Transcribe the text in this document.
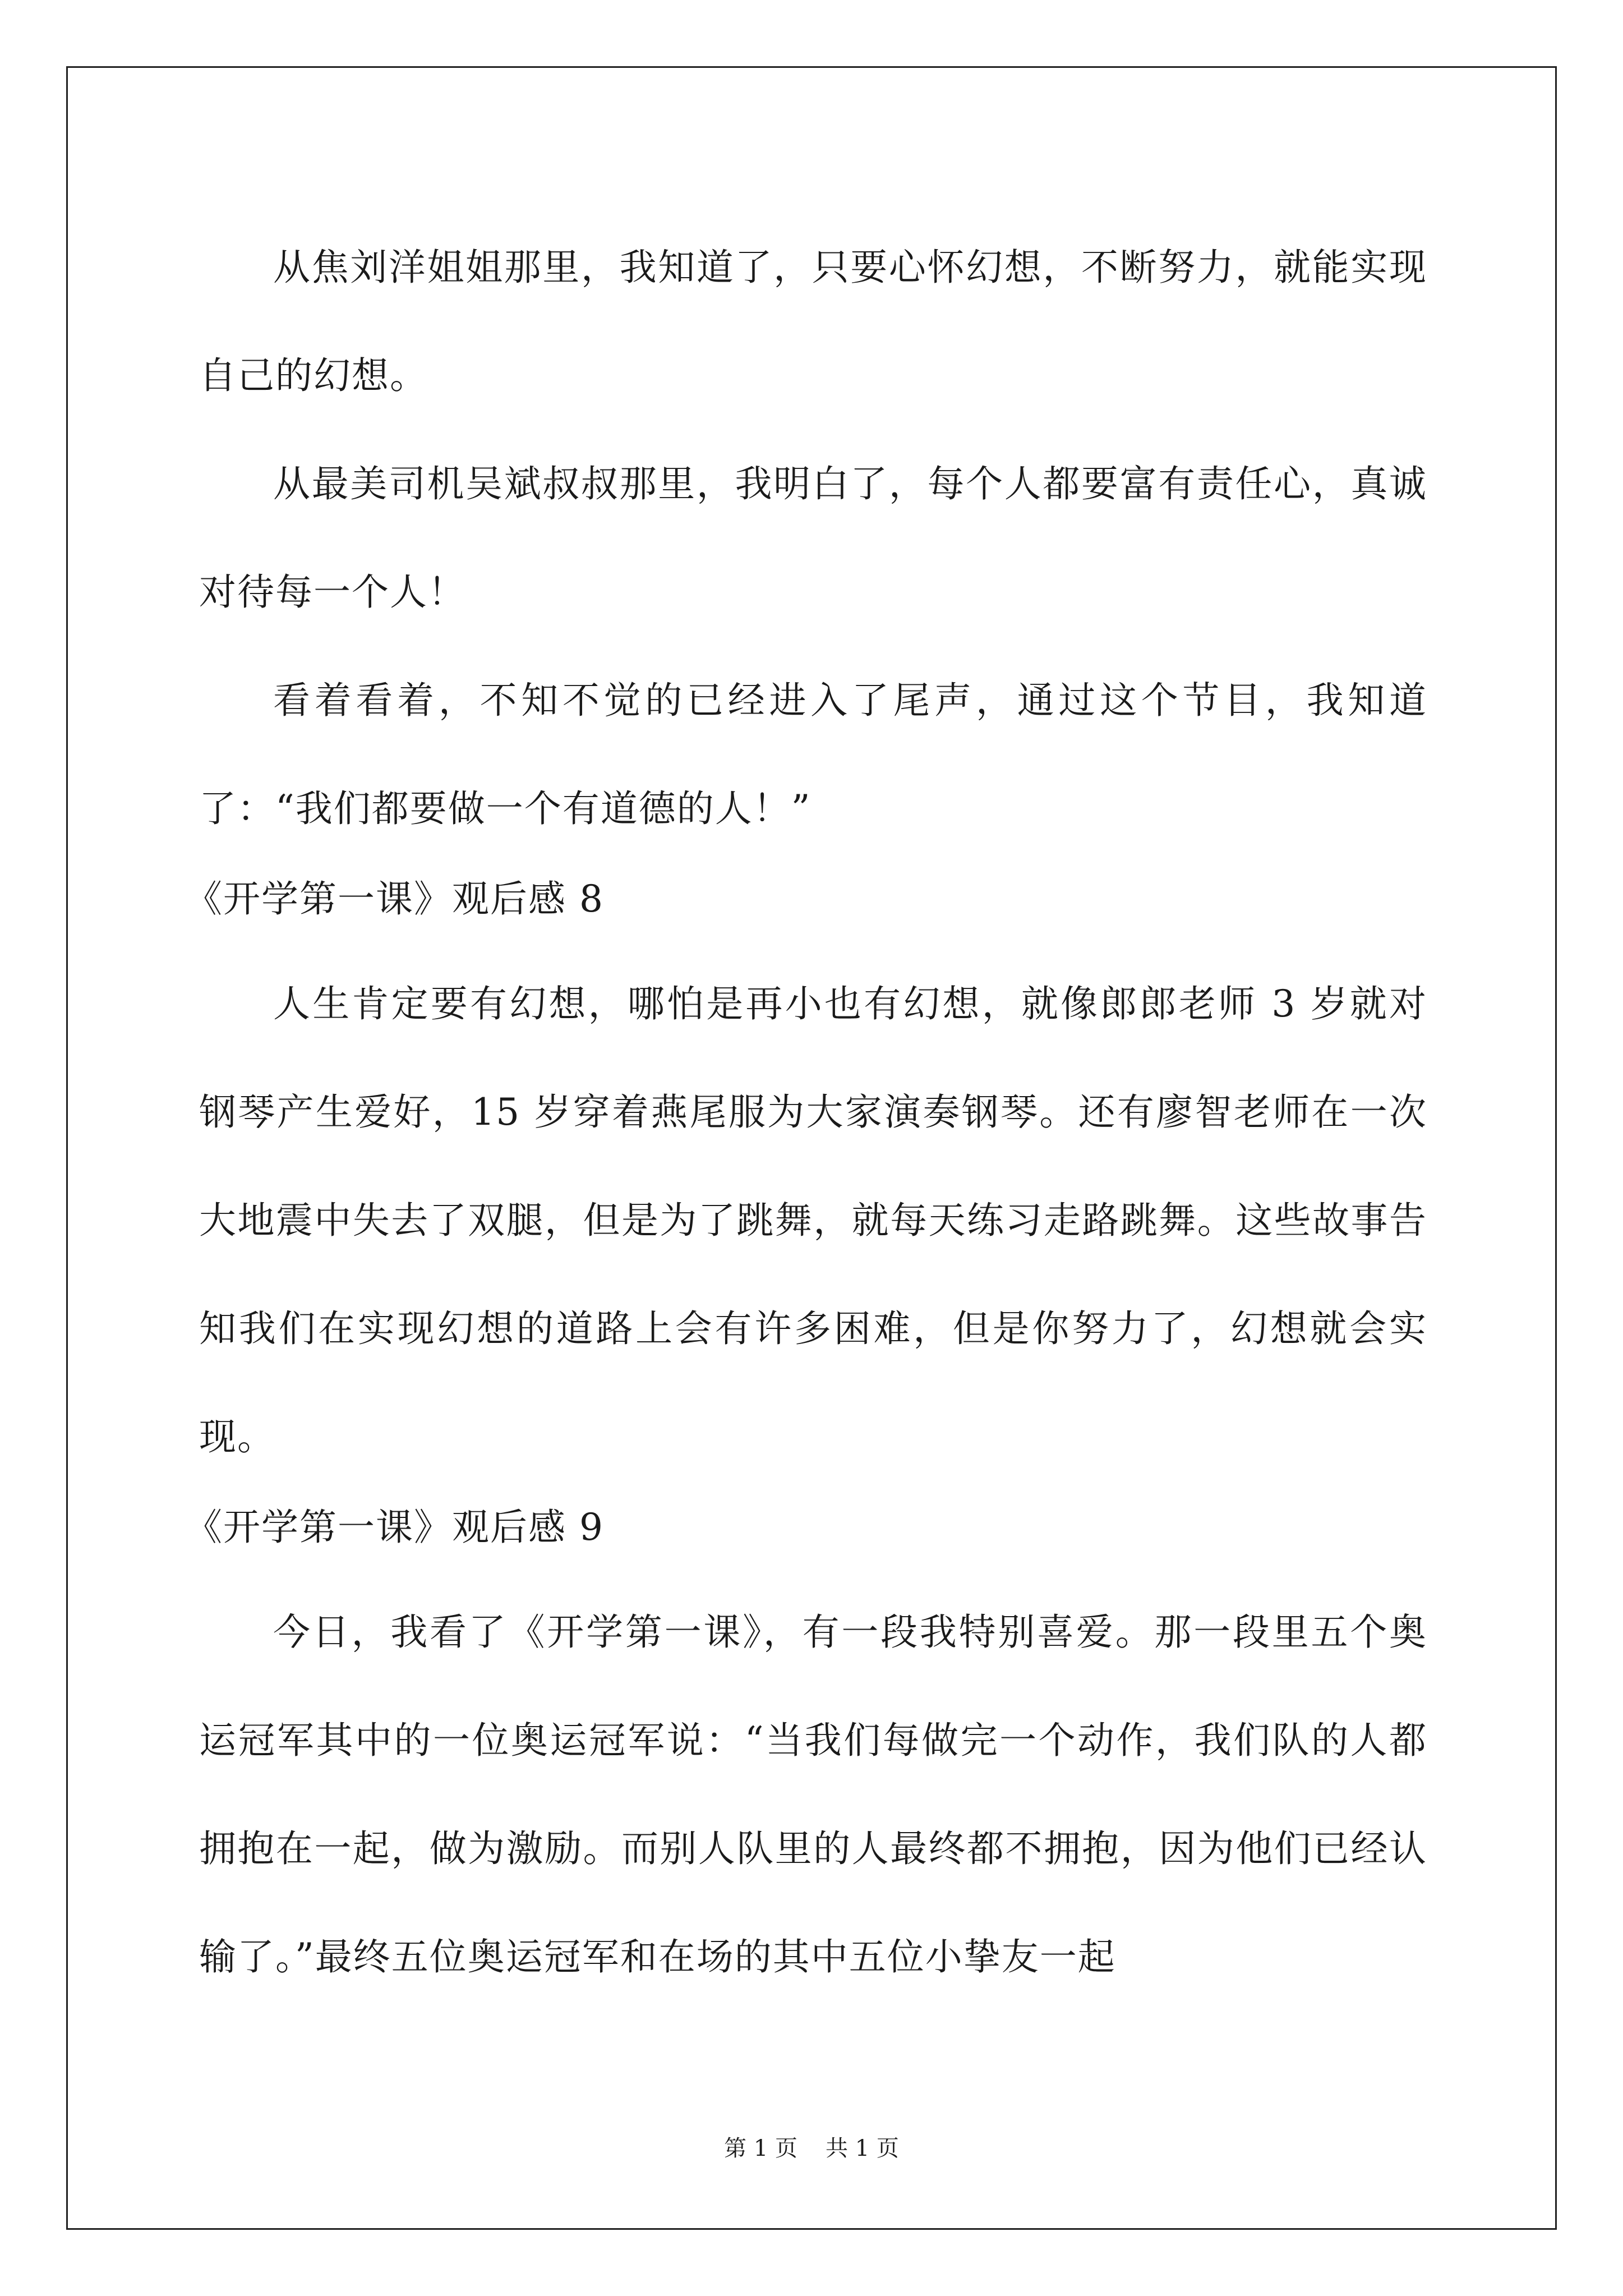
从焦刘洋姐姐那里，我知道了，只要心怀幻想，不断努力，就能实现自己的幻想。

从最美司机吴斌叔叔那里，我明白了，每个人都要富有责任心，真诚对待每一个人！

看着看着，不知不觉的已经进入了尾声，通过这个节目，我知道了：“我们都要做一个有道德的人！”

《开学第一课》观后感 8

人生肯定要有幻想，哪怕是再小也有幻想，就像郎郎老师 3 岁就对钢琴产生爱好，15 岁穿着燕尾服为大家演奏钢琴。还有廖智老师在一次大地震中失去了双腿，但是为了跳舞，就每天练习走路跳舞。这些故事告知我们在实现幻想的道路上会有许多困难，但是你努力了，幻想就会实现。

《开学第一课》观后感 9

今日，我看了《开学第一课》，有一段我特别喜爱。那一段里五个奥运冠军其中的一位奥运冠军说：“当我们每做完一个动作，我们队的人都拥抱在一起，做为激励。而别人队里的人最终都不拥抱，因为他们已经认输了。”最终五位奥运冠军和在场的其中五位小挚友一起

第 1 页 共 1 页
